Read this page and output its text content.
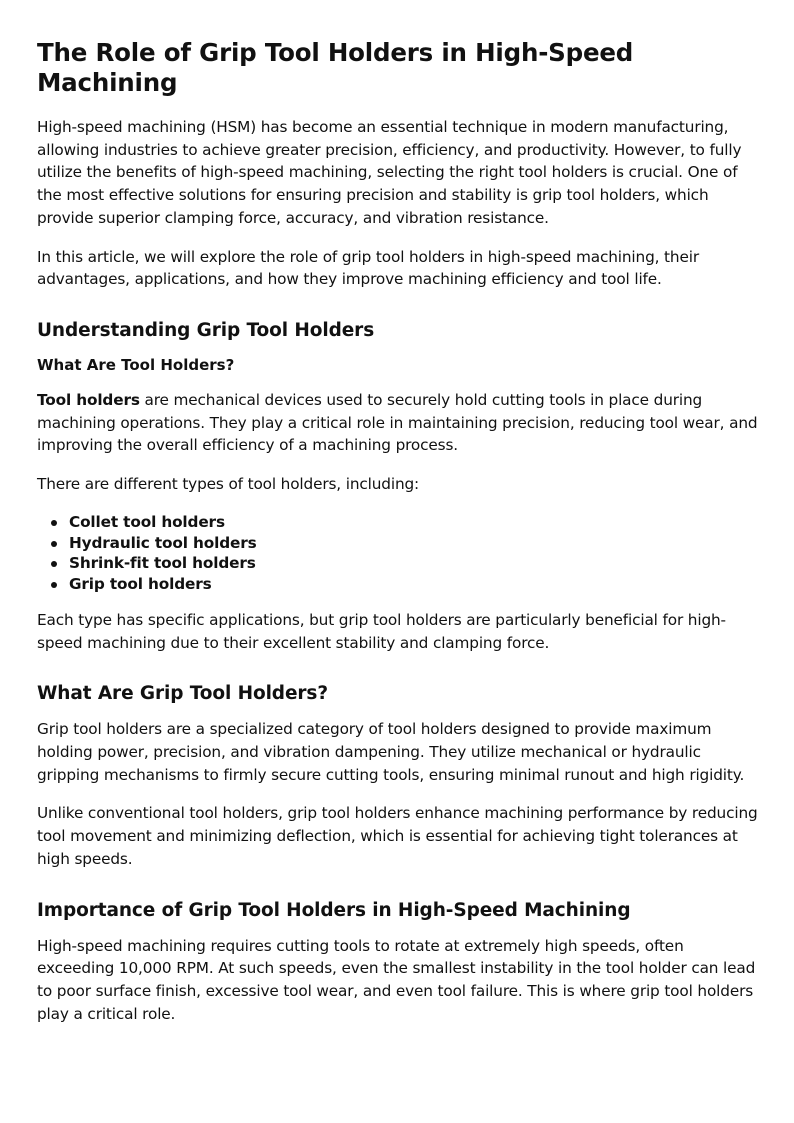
The Role of Grip Tool Holders in High-Speed Machining

High-speed machining (HSM) has become an essential technique in modern manufacturing, allowing industries to achieve greater precision, efficiency, and productivity. However, to fully utilize the benefits of high-speed machining, selecting the right tool holders is crucial. One of the most effective solutions for ensuring precision and stability is grip tool holders, which provide superior clamping force, accuracy, and vibration resistance.

In this article, we will explore the role of grip tool holders in high-speed machining, their advantages, applications, and how they improve machining efficiency and tool life.

Understanding Grip Tool Holders
What Are Tool Holders?

Tool holders are mechanical devices used to securely hold cutting tools in place during machining operations. They play a critical role in maintaining precision, reducing tool wear, and improving the overall efficiency of a machining process.

There are different types of tool holders, including:

Collet tool holders
Hydraulic tool holders
Shrink-fit tool holders
Grip tool holders

Each type has specific applications, but grip tool holders are particularly beneficial for high-speed machining due to their excellent stability and clamping force.

What Are Grip Tool Holders?

Grip tool holders are a specialized category of tool holders designed to provide maximum holding power, precision, and vibration dampening. They utilize mechanical or hydraulic gripping mechanisms to firmly secure cutting tools, ensuring minimal runout and high rigidity.

Unlike conventional tool holders, grip tool holders enhance machining performance by reducing tool movement and minimizing deflection, which is essential for achieving tight tolerances at high speeds.

Importance of Grip Tool Holders in High-Speed Machining

High-speed machining requires cutting tools to rotate at extremely high speeds, often exceeding 10,000 RPM. At such speeds, even the smallest instability in the tool holder can lead to poor surface finish, excessive tool wear, and even tool failure. This is where grip tool holders play a critical role.
